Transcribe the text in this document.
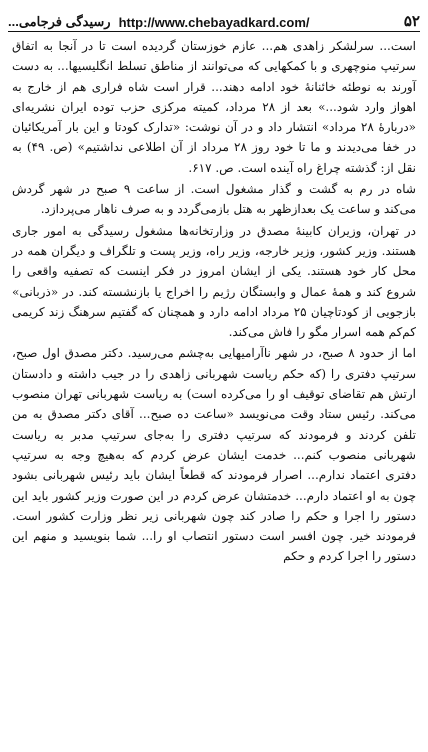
رسیدگی فرجامی... http://www.chebayadkard.com/	۵۲

است... سرلشکر زاهدی هم... عازم خوزستان گردیده است تا در آنجا به اتفاق سرتیپ منوچهری و با کمکهایی که می‌توانند از مناطق تسلط انگلیسیها... به دست آورند به نوطئه خائنانهٔ خود ادامه دهند... قرار است شاه فراری هم از خارج به اهواز وارد شود...» بعد از ۲۸ مرداد، کمیته مرکزی حزب توده ایران نشریه‌ای «دربارهٔ ۲۸ مرداد» انتشار داد و در آن نوشت: «تدارک کودتا و این بار آمریکائیان در خفا می‌دیدند و ما تا خود روز ۲۸ مرداد از آن اطلاعی نداشتیم» (ص. ۴۹) به نقل از: گذشته چراغ راه آینده است. ص. ۶۱۷.

شاه در رم به گشت و گذار مشغول است. از ساعت ۹ صبح در شهر گردش می‌کند و ساعت یک بعدازظهر به هتل بازمی‌گردد و به صرف ناهار می‌پردازد.

در تهران، وزیران کابینهٔ مصدق در وزارتخانه‌ها مشغول رسیدگی به امور جاری هستند. وزیر کشور، وزیر خارجه، وزیر راه، وزیر پست و تلگراف و دیگران همه در محل کار خود هستند. یکی از ایشان امروز در فکر اینست که تصفیه واقعی را شروع کند و همهٔ عمال و وابستگان رژیم را اخراج یا بازنشسته کند. در «ذربانی» بازجویی از کودتاچیان ۲۵ مرداد ادامه دارد و همچنان که گفتیم سرهنگ زند کریمی کم‌کم همه اسرار مگو را فاش می‌کند.

اما از حدود ۸ صبح، در شهر ناآرامیهایی به‌چشم می‌رسید. دکتر مصدق اول صبح، سرتیپ دفتری را (که حکم ریاست شهربانی زاهدی را در جیب داشته و دادستان ارتش هم تقاضای توقیف او را می‌کرده است) به ریاست شهربانی تهران منصوب می‌کند. رئیس ستاد وقت می‌نویسد «ساعت ده صبح... آقای دکتر مصدق به من تلفن کردند و فرمودند که سرتیپ دفتری را به‌جای سرتیپ مدبر به ریاست شهربانی منصوب کنم... خدمت ایشان عرض کردم که به‌هیچ وجه به سرتیپ دفتری اعتماد ندارم... اصرار فرمودند که قطعاً ایشان باید رئیس شهربانی بشود چون به او اعتماد دارم... خدمتشان عرض کردم در این صورت وزیر کشور باید این دستور را اجرا و حکم را صادر کند چون شهربانی زیر نظر وزارت کشور است. فرمودند خیر. چون افسر است دستور انتصاب او را... شما بنویسید و منهم این دستور را اجرا کردم و حکم
